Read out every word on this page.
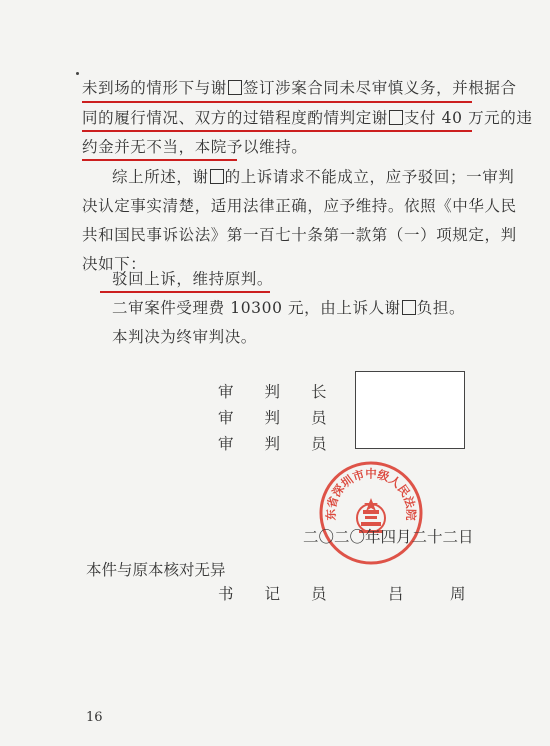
未到场的情形下与谢 签订涉案合同未尽审慎义务，并根据合
同的履行情况、双方的过错程度酌情判定谢 支付 40 万元的违
约金并无不当，本院予以维持。
综上所述，谢 的上诉请求不能成立，应予驳回；一审判
决认定事实清楚，适用法律正确，应予维持。依照《中华人民
共和国民事诉讼法》第一百七十条第一款第（一）项规定，判
决如下：
驳回上诉，维持原判。
二审案件受理费 10300 元，由上诉人谢 负担。
本判决为终审判决。
审　　判　　长
审　　判　　员
审　　判　　员
东省深圳市中级人民法院
二〇二〇年四月二十二日
本件与原本核对无异
书　　记　　员	吕　　　周
16
